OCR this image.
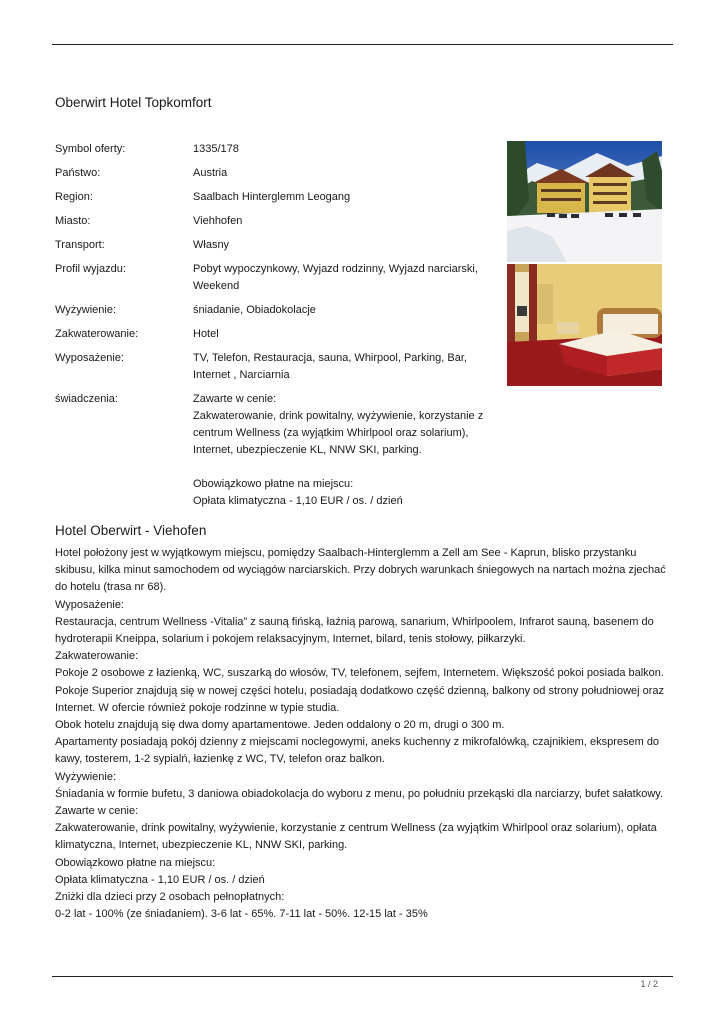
Oberwirt Hotel Topkomfort
Symbol oferty:	1335/178
Państwo:	Austria
Region:	Saalbach Hinterglemm Leogang
Miasto:	Viehhofen
Transport:	Własny
Profil wyjazdu:	Pobyt wypoczynkowy, Wyjazd rodzinny, Wyjazd narciarski, Weekend
Wyżywienie:	śniadanie, Obiadokolacje
Zakwaterowanie:	Hotel
Wyposażenie:	TV, Telefon, Restauracja, sauna, Whirpool, Parking, Bar, Internet , Narciarnia
świadczenia:	Zawarte w cenie:
Zakwaterowanie, drink powitalny, wyżywienie, korzystanie z centrum Wellness (za wyjątkim Whirlpool oraz solarium), Internet, ubezpieczenie KL, NNW SKI, parking.

Obowiązkowo płatne na miejscu:
Opłata klimatyczna - 1,10 EUR / os. / dzień
Hotel Oberwirt - Viehofen

Hotel położony jest w wyjątkowym miejscu, pomiędzy Saalbach-Hinterglemm a Zell am See - Kaprun, blisko przystanku skibusu, kilka minut samochodem od wyciągów narciarskich. Przy dobrych warunkach śniegowych na nartach można zjechać do hotelu (trasa nr 68).

Wyposażenie:

Restauracja, centrum Wellness -Vitalia” z sauną fińską, łaźnią parową, sanarium, Whirlpoolem, Infrarot sauną, basenem do hydroterapii Kneippa, solarium i pokojem relaksacyjnym, Internet, bilard, tenis stołowy, piłkarzyki.

Zakwaterowanie:

Pokoje 2 osobowe z łazienką, WC, suszarką do włosów, TV, telefonem, sejfem, Internetem. Większość pokoi posiada balkon. Pokoje Superior znajdują się w nowej części hotelu, posiadają dodatkowo część dzienną, balkony od strony południowej oraz Internet. W ofercie również pokoje rodzinne w typie studia.

Obok hotelu znajdują się dwa domy apartamentowe. Jeden oddalony o 20 m, drugi o 300 m.

Apartamenty posiadają pokój dzienny z miejscami noclegowymi, aneks kuchenny z mikrofalówką, czajnikiem, ekspresem do kawy, tosterem, 1-2 sypialń, łazienkę z WC, TV, telefon oraz balkon.

Wyżywienie:

Śniadania w formie bufetu, 3 daniowa obiadokolacja do wyboru z menu, po południu przekąski dla narciarzy, bufet sałatkowy.

Zawarte w cenie:

Zakwaterowanie, drink powitalny, wyżywienie, korzystanie z centrum Wellness (za wyjątkim Whirlpool oraz solarium), opłata klimatyczna, Internet, ubezpieczenie KL, NNW SKI, parking.

Obowiązkowo płatne na miejscu:

Opłata klimatyczna - 1,10 EUR / os. / dzień

Zniżki dla dzieci przy 2 osobach pełnopłatnych:

0-2 lat - 100% (ze śniadaniem). 3-6 lat - 65%. 7-11 lat - 50%. 12-15 lat - 35%

1 / 2
